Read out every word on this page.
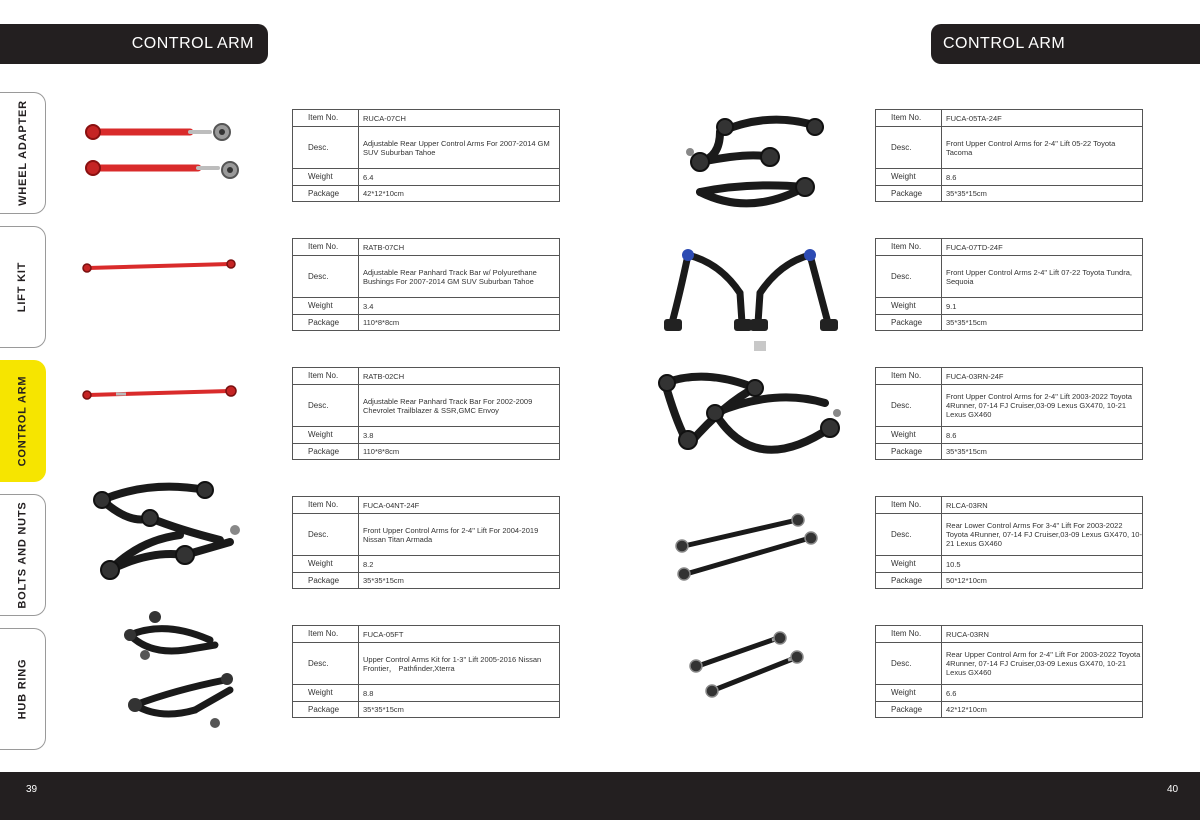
CONTROL ARM	CONTROL ARM
WHEEL ADAPTER
LIFT KIT
CONTROL ARM
BOLTS AND NUTS
HUB RING
Item No.	RUCA-07CH
Desc.	Adjustable Rear Upper Control Arms For 2007-2014 GM SUV Suburban Tahoe
Weight	6.4
Package	42*12*10cm
Item No.	RATB-07CH
Desc.	Adjustable Rear Panhard Track Bar w/ Polyurethane Bushings For 2007-2014 GM SUV Suburban Tahoe
Weight	3.4
Package	110*8*8cm
Item No.	RATB-02CH
Desc.	Adjustable Rear Panhard Track Bar For 2002-2009 Chevrolet Trailblazer & SSR,GMC Envoy
Weight	3.8
Package	110*8*8cm
Item No.	FUCA-04NT-24F
Desc.	Front Upper Control Arms for 2-4" Lift For 2004-2019 Nissan Titan Armada
Weight	8.2
Package	35*35*15cm
Item No.	FUCA-05FT
Desc.	Upper Control Arms Kit for 1-3" Lift 2005-2016 Nissan Frontier， Pathfinder,Xterra
Weight	8.8
Package	35*35*15cm
Item No.	FUCA-05TA-24F
Desc.	Front Upper Control Arms for 2-4" Lift 05-22 Toyota Tacoma
Weight	8.6
Package	35*35*15cm
Item No.	FUCA-07TD-24F
Desc.	Front Upper Control Arms 2-4" Lift 07-22 Toyota Tundra, Sequoia
Weight	9.1
Package	35*35*15cm
Item No.	FUCA-03RN-24F
Desc.	Front Upper Control Arms for 2-4" Lift 2003-2022 Toyota 4Runner, 07-14 FJ Cruiser,03-09 Lexus GX470, 10-21 Lexus GX460
Weight	8.6
Package	35*35*15cm
Item No.	RLCA-03RN
Desc.	Rear Lower Control Arms For 3-4" Lift For 2003-2022 Toyota 4Runner, 07-14 FJ Cruiser,03-09 Lexus GX470, 10-21 Lexus GX460
Weight	10.5
Package	50*12*10cm
Item No.	RUCA-03RN
Desc.	Rear Upper Control Arm for 2-4" Lift For 2003-2022 Toyota 4Runner, 07-14 FJ Cruiser,03-09 Lexus GX470, 10-21 Lexus GX460
Weight	6.6
Package	42*12*10cm
39	40
